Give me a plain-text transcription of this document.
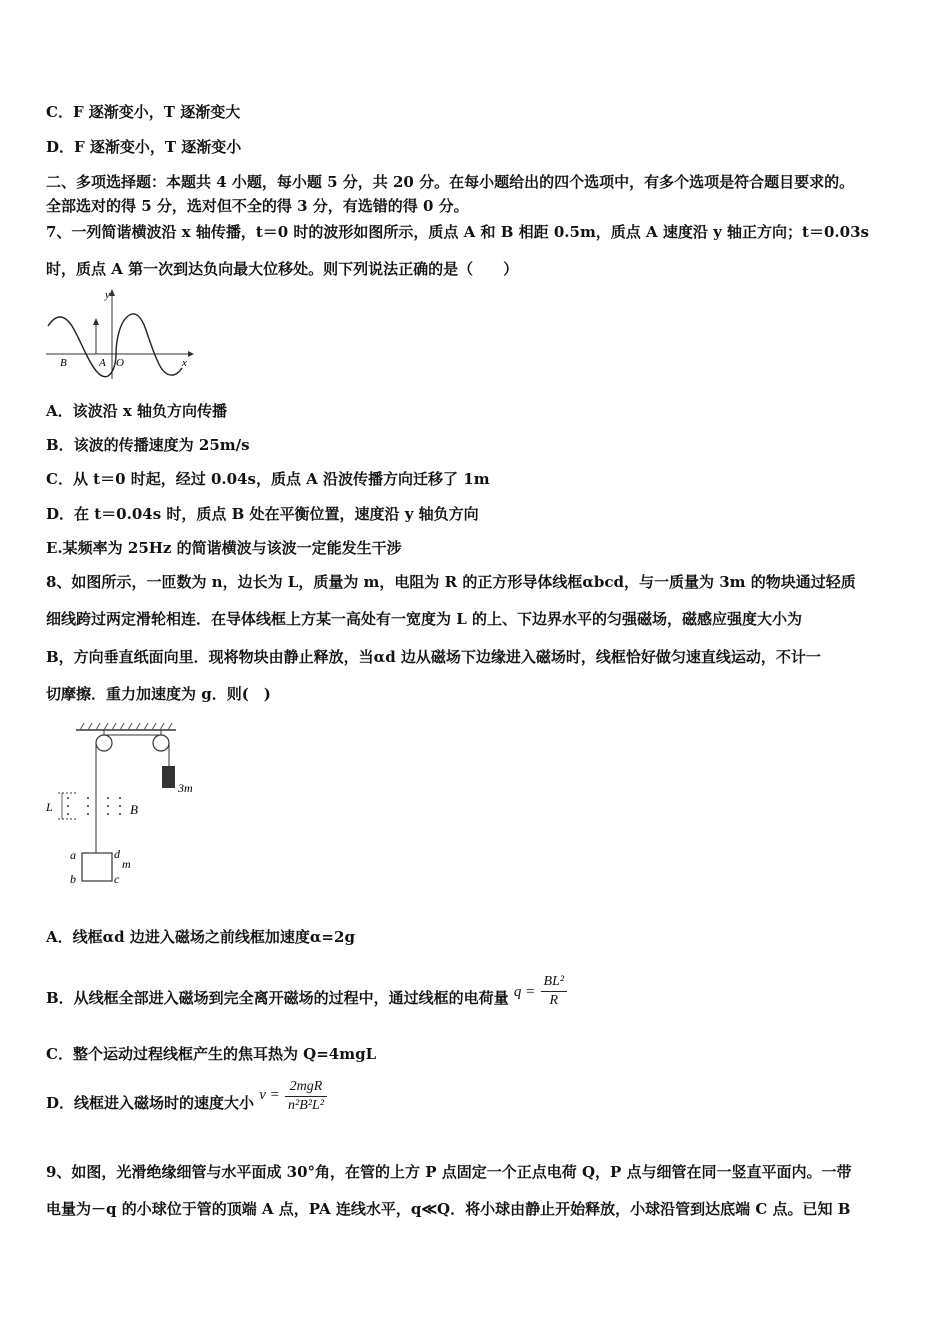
C．F 逐渐变小，T 逐渐变大
D．F 逐渐变小，T 逐渐变小
二、多项选择题：本题共 4 小题，每小题 5 分，共 20 分。在每小题给出的四个选项中，有多个选项是符合题目要求的。
全部选对的得 5 分，选对但不全的得 3 分，有选错的得 0 分。
7、一列简谐横波沿 x 轴传播，t＝0 时的波形如图所示，质点 A 和 B 相距 0.5m，质点 A 速度沿 y 轴正方向；t＝0.03s
时，质点 A 第一次到达负向最大位移处。则下列说法正确的是（　　）
y
x
B	A O
A．该波沿 x 轴负方向传播
B．该波的传播速度为 25m/s
C．从 t＝0 时起，经过 0.04s，质点 A 沿波传播方向迁移了 1m
D．在 t＝0.04s 时，质点 B 处在平衡位置，速度沿 y 轴负方向
E.某频率为 25Hz 的简谐横波与该波一定能发生干涉
8、如图所示，一匝数为 n，边长为 L，质量为 m，电阻为 R 的正方形导体线框αbcd，与一质量为 3m 的物块通过轻质
细线跨过两定滑轮相连．在导体线框上方某一高处有一宽度为 L 的上、下边界水平的匀强磁场，磁感应强度大小为
B，方向垂直纸面向里．现将物块由静止释放，当αd 边从磁场下边缘进入磁场时，线框恰好做匀速直线运动，不计一
切摩擦．重力加速度为 g．则(　)
3m
L	B
a
b	c
d
m
A．线框αd 边进入磁场之前线框加速度α=2g
B．从线框全部进入磁场到完全离开磁场的过程中，通过线框的电荷量 $q = \frac{\text{BL²}}{R}$
C．整个运动过程线框产生的焦耳热为 Q=4mgL
D．线框进入磁场时的速度大小 $v = \frac{\text{2mgR}}{\text{n²B²L²}}$
9、如图，光滑绝缘细管与水平面成 30°角，在管的上方 P 点固定一个正点电荷 Q，P 点与细管在同一竖直平面内。一带
电量为－q 的小球位于管的顶端 A 点，PA 连线水平，q≪Q．将小球由静止开始释放，小球沿管到达底端 C 点。已知 B
